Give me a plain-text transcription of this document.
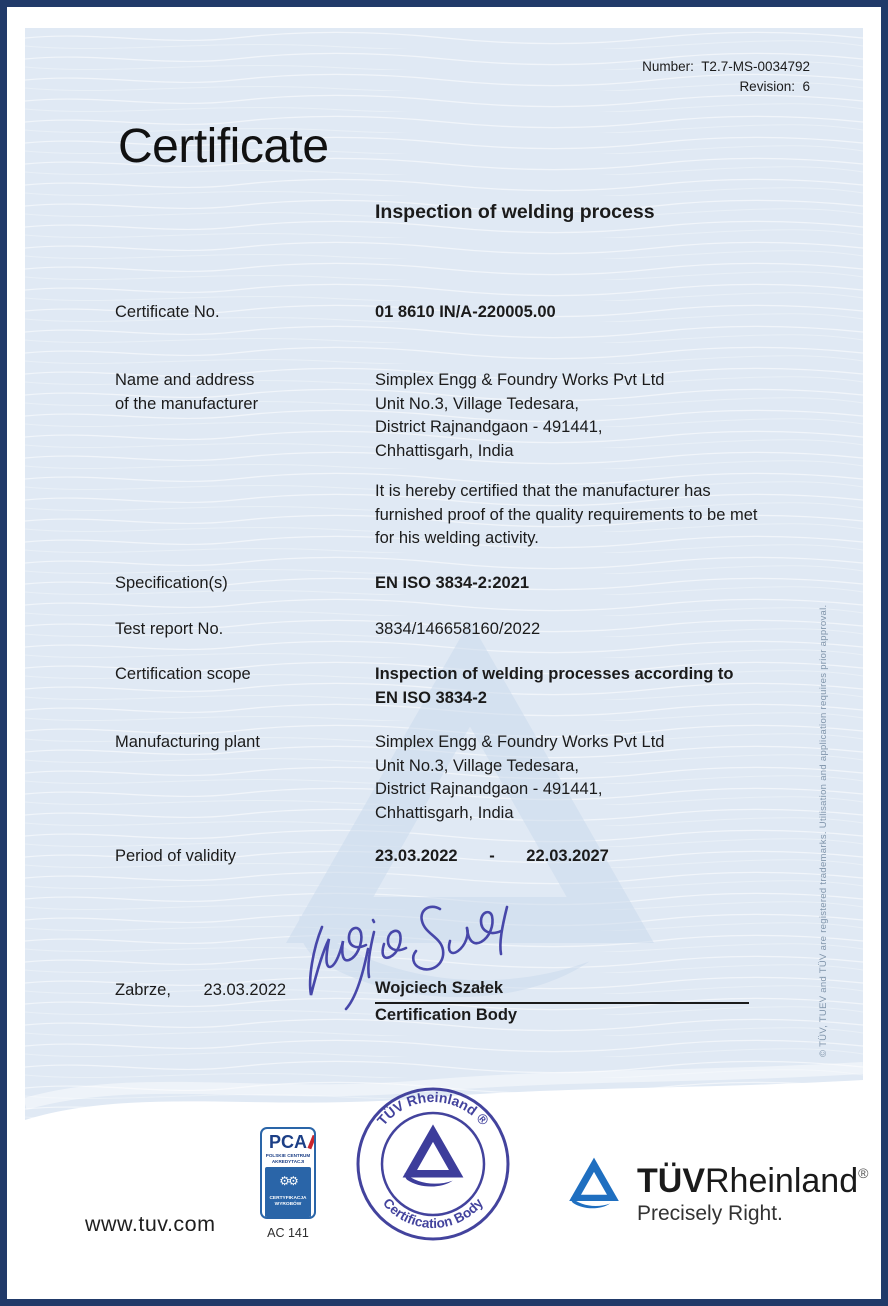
Number: T2.7-MS-0034792
Revision: 6
Certificate
Inspection of welding process
Certificate No.	01 8610 IN/A-220005.00
Name and address
of the manufacturer
Simplex Engg & Foundry Works Pvt Ltd
Unit No.3, Village Tedesara,
District Rajnandgaon - 491441,
Chhattisgarh, India
It is hereby certified that the manufacturer has
furnished proof of the quality requirements to be met
for his welding activity.
Specification(s)	EN ISO 3834-2:2021
Test report No.	3834/146658160/2022
Certification scope	Inspection of welding processes according to
EN ISO 3834-2
Manufacturing plant	Simplex Engg & Foundry Works Pvt Ltd
Unit No.3, Village Tedesara,
District Rajnandgaon - 491441,
Chhattisgarh, India
Period of validity	23.03.2022 - 22.03.2027
Zabrze, 23.03.2022	Wojciech Szałek
Certification Body	© TÜV, TUEV and TÜV are registered trademarks. Utilisation and application requires prior approval.
www.tuv.com
PCA
POLSKIE CENTRUM
AKREDYTACJI
⚙⚙
CERTYFIKACJA
WYROBÓW
AC 141
TÜV Rheinland ®
Certification Body
TÜVRheinland®
Precisely Right.
